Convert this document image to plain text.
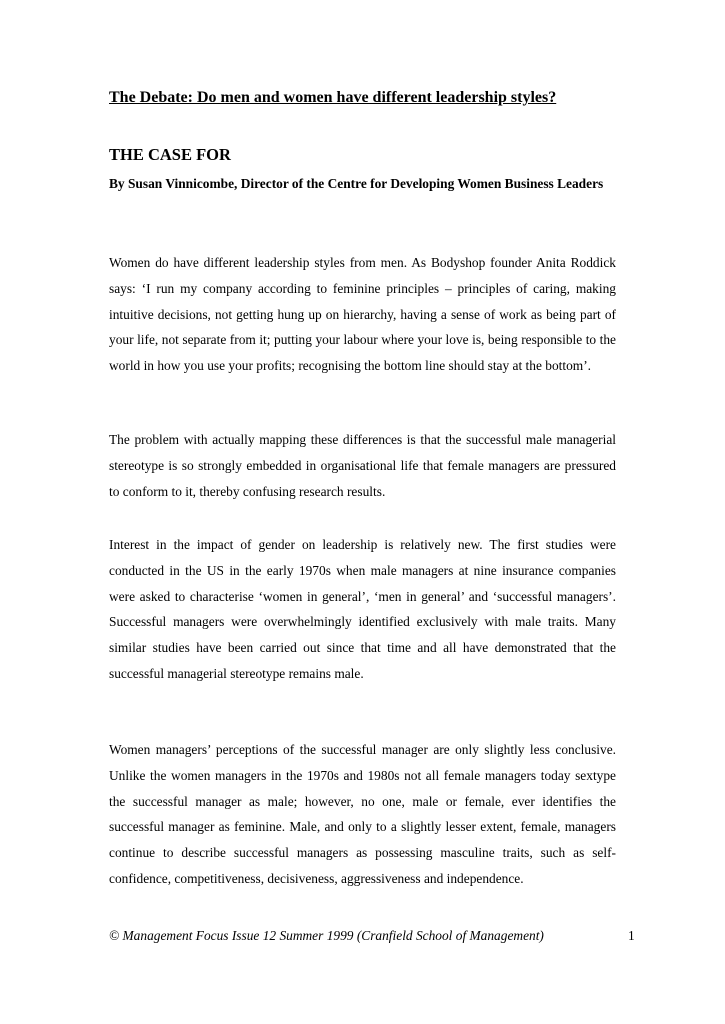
The Debate: Do men and women have different leadership styles?
THE CASE FOR

By Susan Vinnicombe, Director of the Centre for Developing Women Business Leaders

Women do have different leadership styles from men. As Bodyshop founder Anita Roddick says: ‘I run my company according to feminine principles – principles of caring, making intuitive decisions, not getting hung up on hierarchy, having a sense of work as being part of your life, not separate from it; putting your labour where your love is, being responsible to the world in how you use your profits; recognising the bottom line should stay at the bottom’.

The problem with actually mapping these differences is that the successful male managerial stereotype is so strongly embedded in organisational life that female managers are pressured to conform to it, thereby confusing research results.

Interest in the impact of gender on leadership is relatively new. The first studies were conducted in the US in the early 1970s when male managers at nine insurance companies were asked to characterise ‘women in general’, ‘men in general’ and ‘successful managers’. Successful managers were overwhelmingly identified exclusively with male traits. Many similar studies have been carried out since that time and all have demonstrated that the successful managerial stereotype remains male.

Women managers’ perceptions of the successful manager are only slightly less conclusive. Unlike the women managers in the 1970s and 1980s not all female managers today sextype the successful manager as male; however, no one, male or female, ever identifies the successful manager as feminine. Male, and only to a slightly lesser extent, female, managers continue to describe successful managers as possessing masculine traits, such as self-confidence, competitiveness, decisiveness, aggressiveness and independence.

© Management Focus Issue 12 Summer 1999 (Cranfield School of Management)	1
